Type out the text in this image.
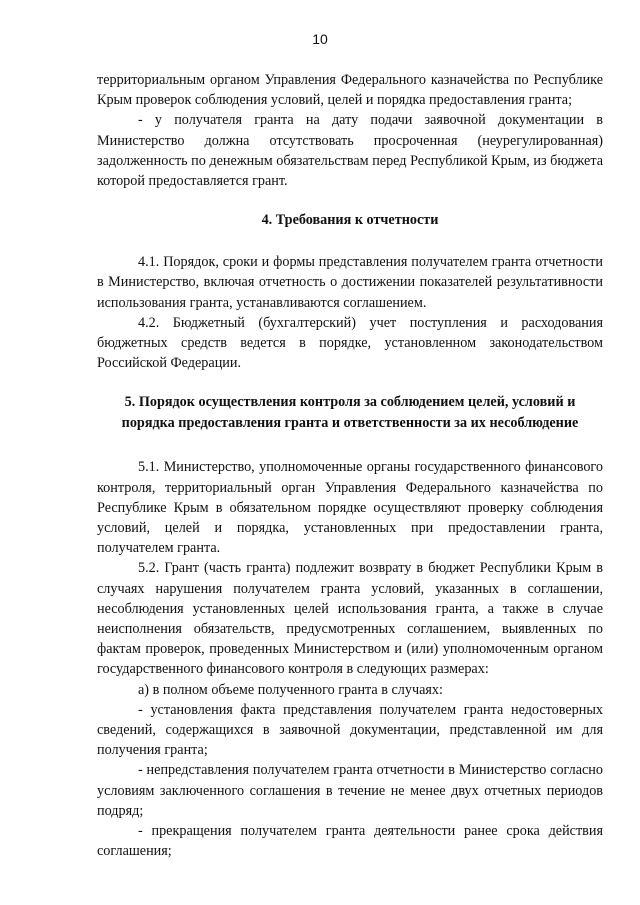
10

территориальным органом Управления Федерального казначейства по Республике Крым проверок соблюдения условий, целей и порядка предоставления гранта;

- у получателя гранта на дату подачи заявочной документации в Министерство должна отсутствовать просроченная (неурегулированная) задолженность по денежным обязательствам перед Республикой Крым, из бюджета которой предоставляется грант.

4. Требования к отчетности

4.1. Порядок, сроки и формы представления получателем гранта отчетности в Министерство, включая отчетность о достижении показателей результативности использования гранта, устанавливаются соглашением.

4.2. Бюджетный (бухгалтерский) учет поступления и расходования бюджетных средств ведется в порядке, установленном законодательством Российской Федерации.

5. Порядок осуществления контроля за соблюдением целей, условий и порядка предоставления гранта и ответственности за их несоблюдение

5.1. Министерство, уполномоченные органы государственного финансового контроля, территориальный орган Управления Федерального казначейства по Республике Крым в обязательном порядке осуществляют проверку соблюдения условий, целей и порядка, установленных при предоставлении гранта, получателем гранта.

5.2. Грант (часть гранта) подлежит возврату в бюджет Республики Крым в случаях нарушения получателем гранта условий, указанных в соглашении, несоблюдения установленных целей использования гранта, а также в случае неисполнения обязательств, предусмотренных соглашением, выявленных по фактам проверок, проведенных Министерством и (или) уполномоченным органом государственного финансового контроля в следующих размерах:

а) в полном объеме полученного гранта в случаях:

- установления факта представления получателем гранта недостоверных сведений, содержащихся в заявочной документации, представленной им для получения гранта;

- непредставления получателем гранта отчетности в Министерство согласно условиям заключенного соглашения в течение не менее двух отчетных периодов подряд;

- прекращения получателем гранта деятельности ранее срока действия соглашения;
